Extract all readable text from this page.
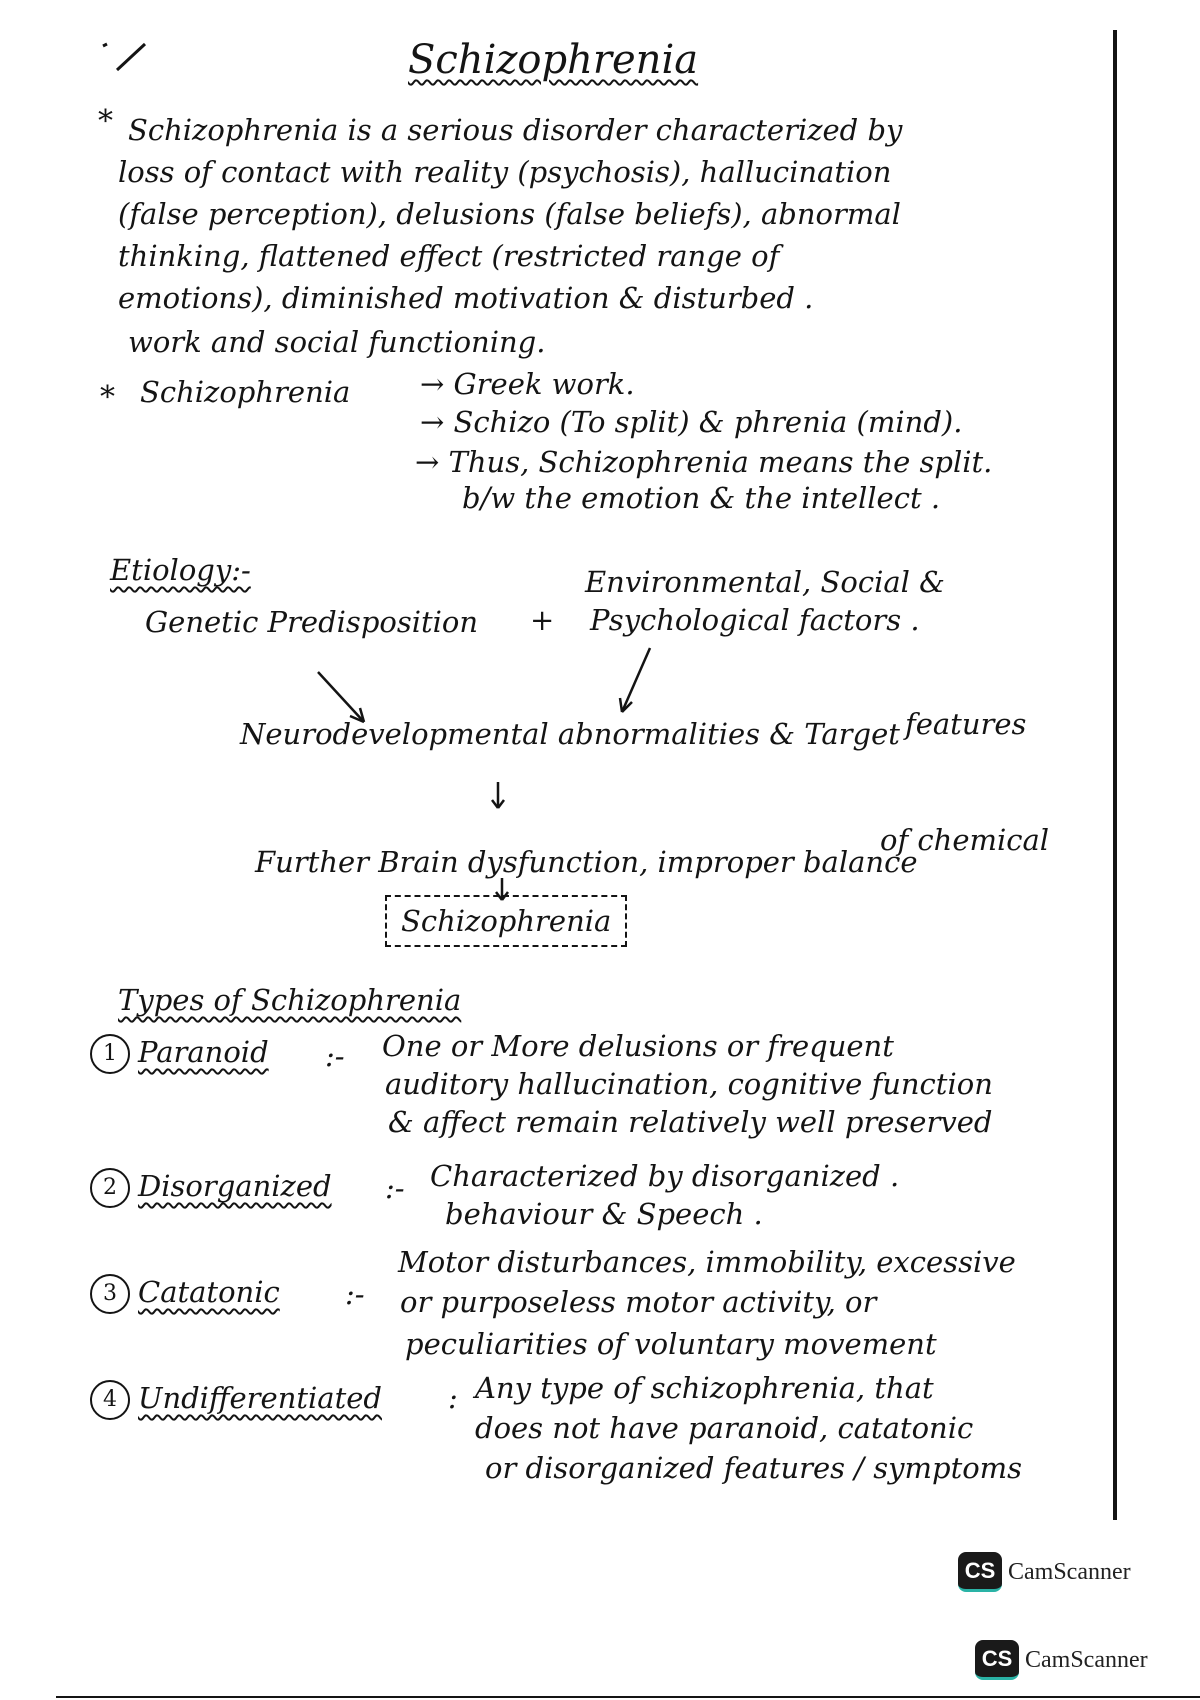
Schizophrenia
* Schizophrenia is a serious disorder characterized by
loss of contact with reality (psychosis), hallucination
(false perception), delusions (false beliefs), abnormal
thinking, flattened effect (restricted range of
emotions), diminished motivation & disturbed .
work and social functioning.
* Schizophrenia → Greek work.
→ Schizo (To split) & phrenia (mind).
→ Thus, Schizophrenia means the split.
b/w the emotion & the intellect .
Etiology:-
Genetic Predisposition +
Environmental, Social &
Psychological factors .
Neurodevelopmental abnormalities & Target features
Further Brain dysfunction, improper balance
of chemical
Schizophrenia
Types of Schizophrenia
1 Paranoid :- One or More delusions or frequent
auditory hallucination, cognitive function
& affect remain relatively well preserved
2 Disorganized :- Characterized by disorganized .
behaviour & Speech .
3 Catatonic :-
Motor disturbances, immobility, excessive
or purposeless motor activity, or
peculiarities of voluntary movement
4 Undifferentiated : Any type of schizophrenia, that
does not have paranoid, catatonic
or disorganized features / symptoms
CS CamScanner
CS CamScanner
